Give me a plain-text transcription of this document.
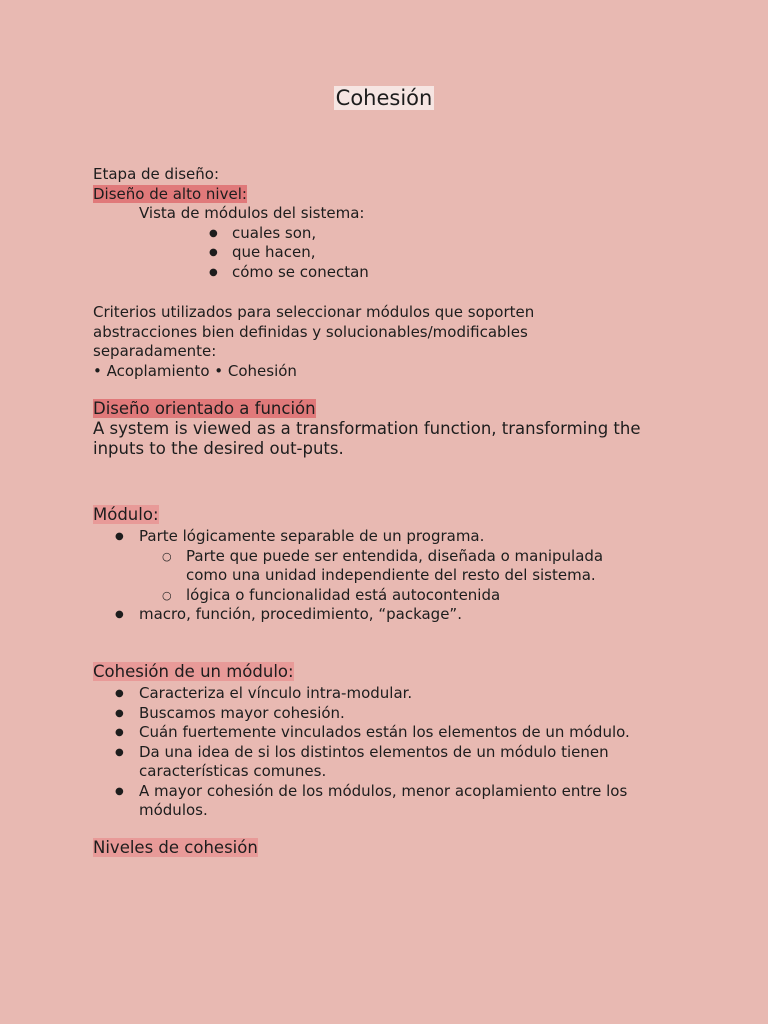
Cohesión
Etapa de diseño:
Diseño de alto nivel:
Vista de módulos del sistema:
● cuales son,
● que hacen,
● cómo se conectan
Criterios utilizados para seleccionar módulos que soporten abstracciones bien definidas y solucionables/modificables separadamente:
• Acoplamiento • Cohesión
Diseño orientado a función
A system is viewed as a transformation function, transforming the inputs to the desired out-puts.
Módulo:
● Parte lógicamente separable de un programa.
○ Parte que puede ser entendida, diseñada o manipulada como una unidad independiente del resto del sistema.
○ lógica o funcionalidad está autocontenida
● macro, función, procedimiento, “package”.
Cohesión de un módulo:
● Caracteriza el vínculo intra-modular.
● Buscamos mayor cohesión.
● Cuán fuertemente vinculados están los elementos de un módulo.
● Da una idea de si los distintos elementos de un módulo tienen características comunes.
● A mayor cohesión de los módulos, menor acoplamiento entre los módulos.
Niveles de cohesión
